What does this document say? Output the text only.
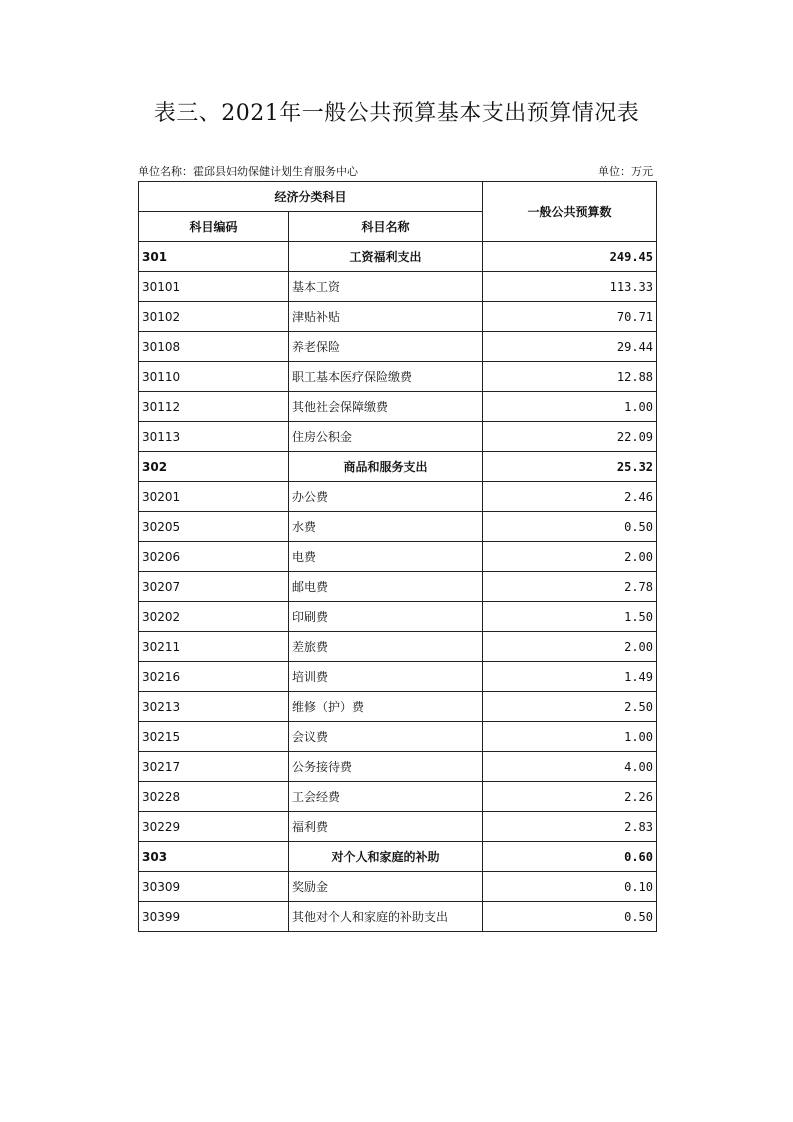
表三、2021年一般公共预算基本支出预算情况表
单位名称：霍邱县妇幼保健计划生育服务中心	单位：万元
经济分类科目		一般公共预算数
科目编码	科目名称	
301	工资福利支出	249.45
30101	基本工资	113.33
30102	津贴补贴	70.71
30108	养老保险	29.44
30110	职工基本医疗保险缴费	12.88
30112	其他社会保障缴费	1.00
30113	住房公积金	22.09
302	商品和服务支出	25.32
30201	办公费	2.46
30205	水费	0.50
30206	电费	2.00
30207	邮电费	2.78
30202	印刷费	1.50
30211	差旅费	2.00
30216	培训费	1.49
30213	维修（护）费	2.50
30215	会议费	1.00
30217	公务接待费	4.00
30228	工会经费	2.26
30229	福利费	2.83
303	对个人和家庭的补助	0.60
30309	奖励金	0.10
30399	其他对个人和家庭的补助支出	0.50
